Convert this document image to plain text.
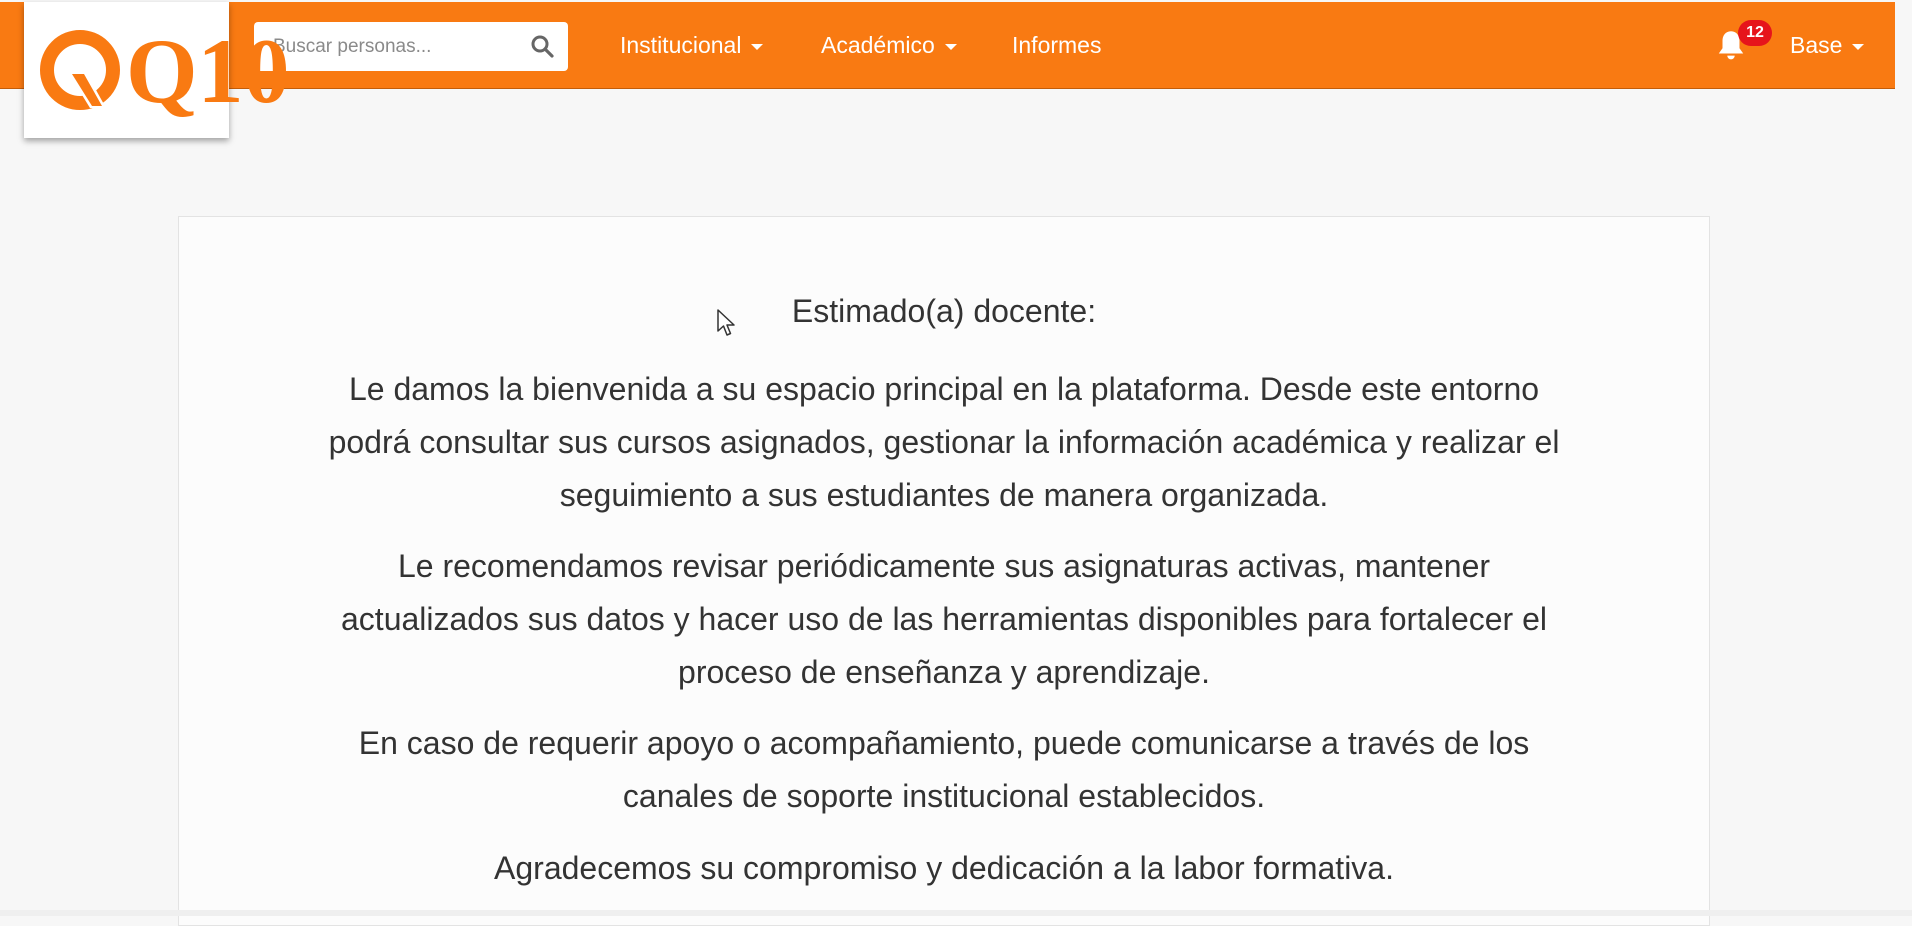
Buscar personas...
Institucional	Académico	Informes	12	Base
Q10
Estimado(a) docente:
Le damos la bienvenida a su espacio principal en la plataforma. Desde este entorno
podrá consultar sus cursos asignados, gestionar la información académica y realizar el
seguimiento a sus estudiantes de manera organizada.
Le recomendamos revisar periódicamente sus asignaturas activas, mantener
actualizados sus datos y hacer uso de las herramientas disponibles para fortalecer el
proceso de enseñanza y aprendizaje.
En caso de requerir apoyo o acompañamiento, puede comunicarse a través de los
canales de soporte institucional establecidos.
Agradecemos su compromiso y dedicación a la labor formativa.
